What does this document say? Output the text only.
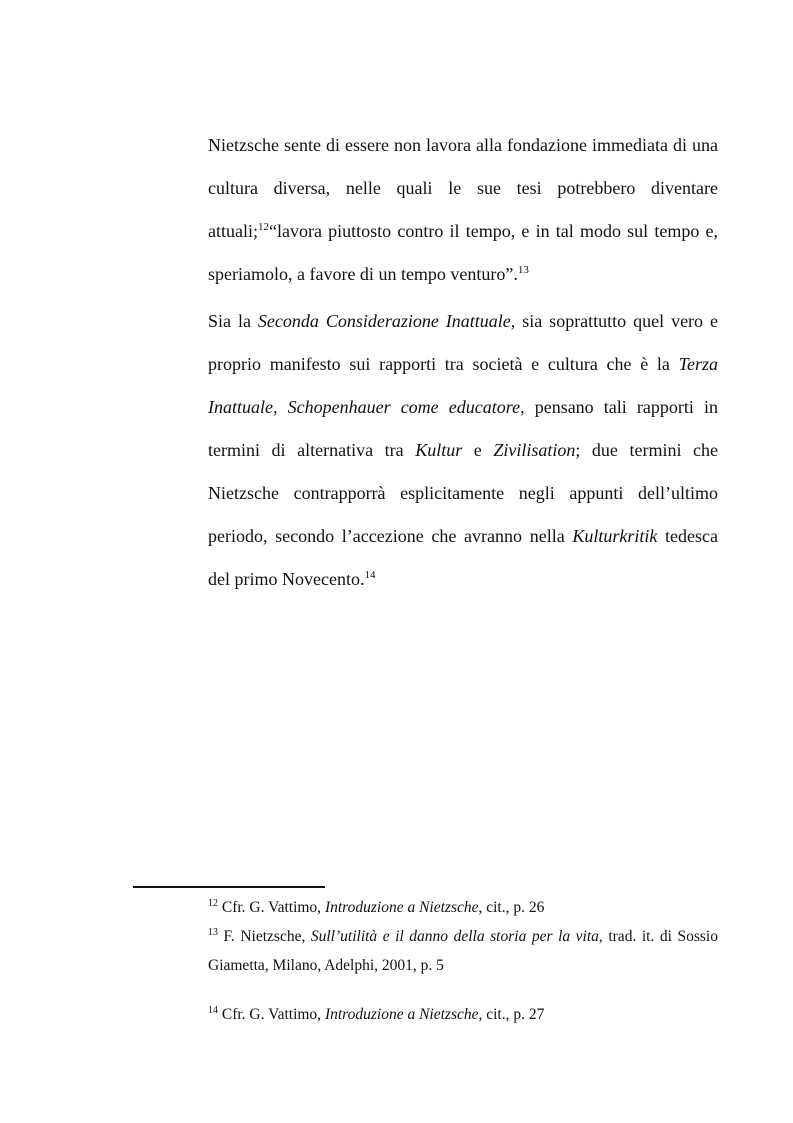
Nietzsche sente di essere non lavora alla fondazione immediata di una cultura diversa, nelle quali le sue tesi potrebbero diventare attuali;$^{12}$“lavora piuttosto contro il tempo, e in tal modo sul tempo e, speriamolo, a favore di un tempo venturo”.$^{13}$

Sia la Seconda Considerazione Inattuale, sia soprattutto quel vero e proprio manifesto sui rapporti tra società e cultura che è la Terza Inattuale, Schopenhauer come educatore, pensano tali rapporti in termini di alternativa tra Kultur e Zivilisation; due termini che Nietzsche contrapporrà esplicitamente negli appunti dell’ultimo periodo, secondo l’accezione che avranno nella Kulturkritik tedesca del primo Novecento.$^{14}$

$^{12}$ Cfr. G. Vattimo, Introduzione a Nietzsche, cit., p. 26

$^{13}$ F. Nietzsche, Sull’utilità e il danno della storia per la vita, trad. it. di Sossio Giametta, Milano, Adelphi, 2001, p. 5

$^{14}$ Cfr. G. Vattimo, Introduzione a Nietzsche, cit., p. 27
